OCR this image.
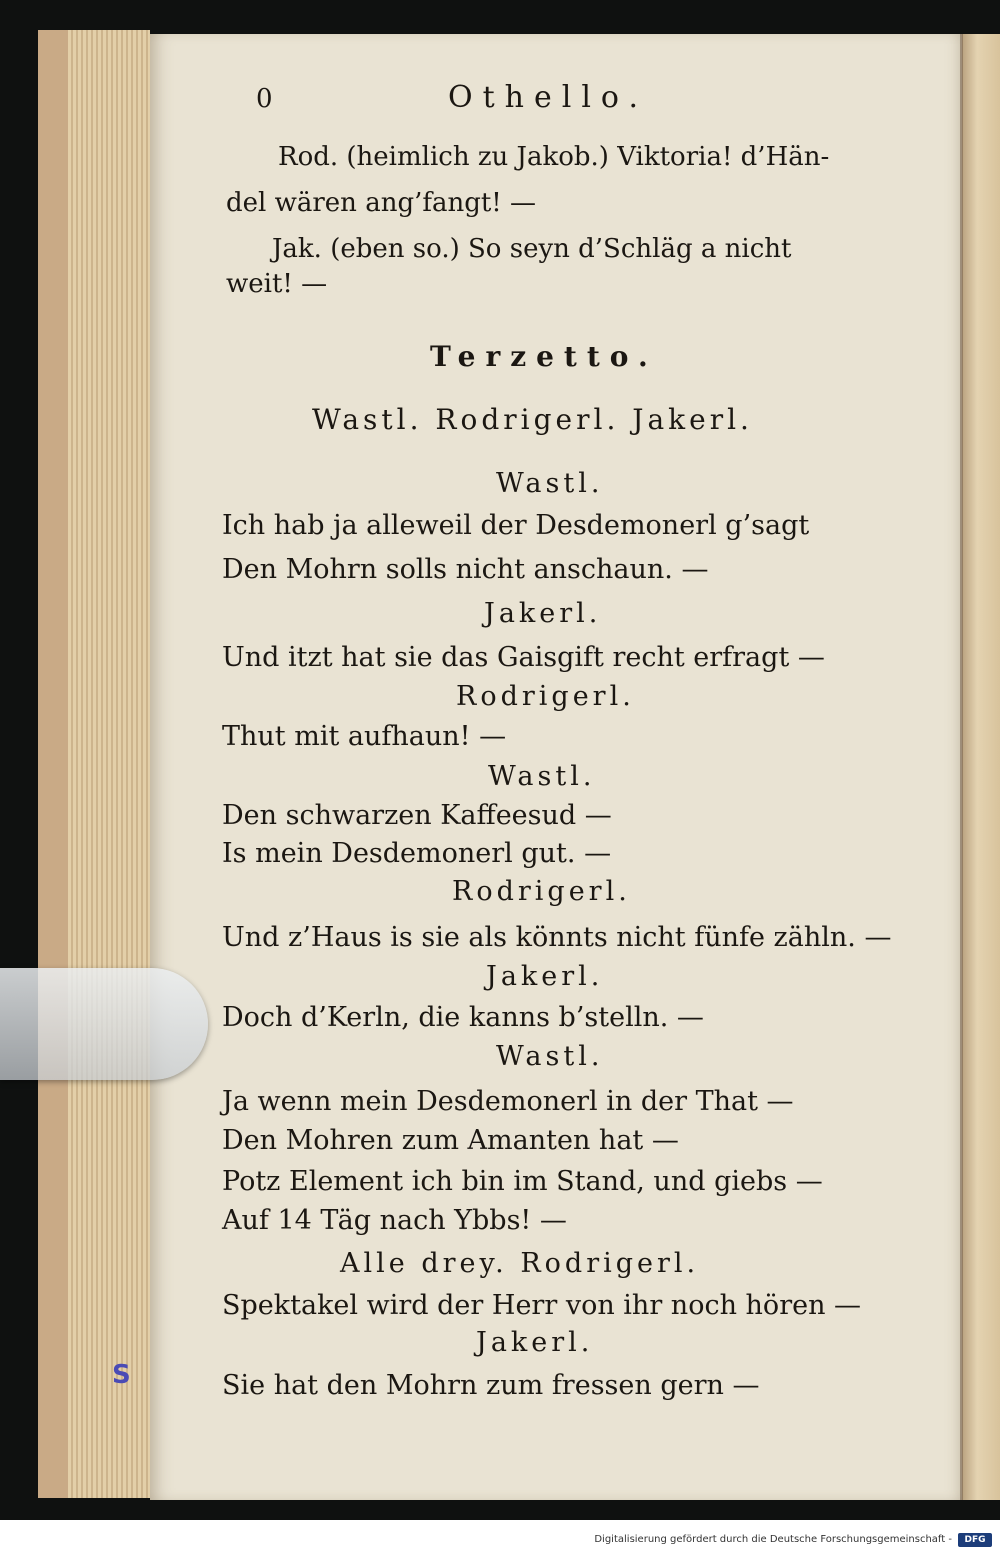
0	Othello.
Rod. (heimlich zu Jakob.) Viktoria! d’Hän-
del wären ang’fangt! —
Jak. (eben so.) So seyn d’Schläg a nicht
weit! —
Terzetto.
Wastl. Rodrigerl. Jakerl.
Wastl.
Ich hab ja alleweil der Desdemonerl g’sagt
Den Mohrn solls nicht anschaun. —
Jakerl.
Und itzt hat sie das Gaisgift recht erfragt —
Rodrigerl.
Thut mit aufhaun! —
Wastl.
Den schwarzen Kaffeesud —
Is mein Desdemonerl gut. —
Rodrigerl.
Und z’Haus is sie als könnts nicht fünfe zähln. —
Jakerl.
Doch d’Kerln, die kanns b’stelln. —
Wastl.
Ja wenn mein Desdemonerl in der That —
Den Mohren zum Amanten hat —
Potz Element ich bin im Stand, und giebs —
Auf 14 Täg nach Ybbs! —
Alle drey. Rodrigerl.
Spektakel wird der Herr von ihr noch hören —
Jakerl.
Sie hat den Mohrn zum fressen gern —
S
Digitalisierung gefördert durch die Deutsche Forschungsgemeinschaft -	DFG
